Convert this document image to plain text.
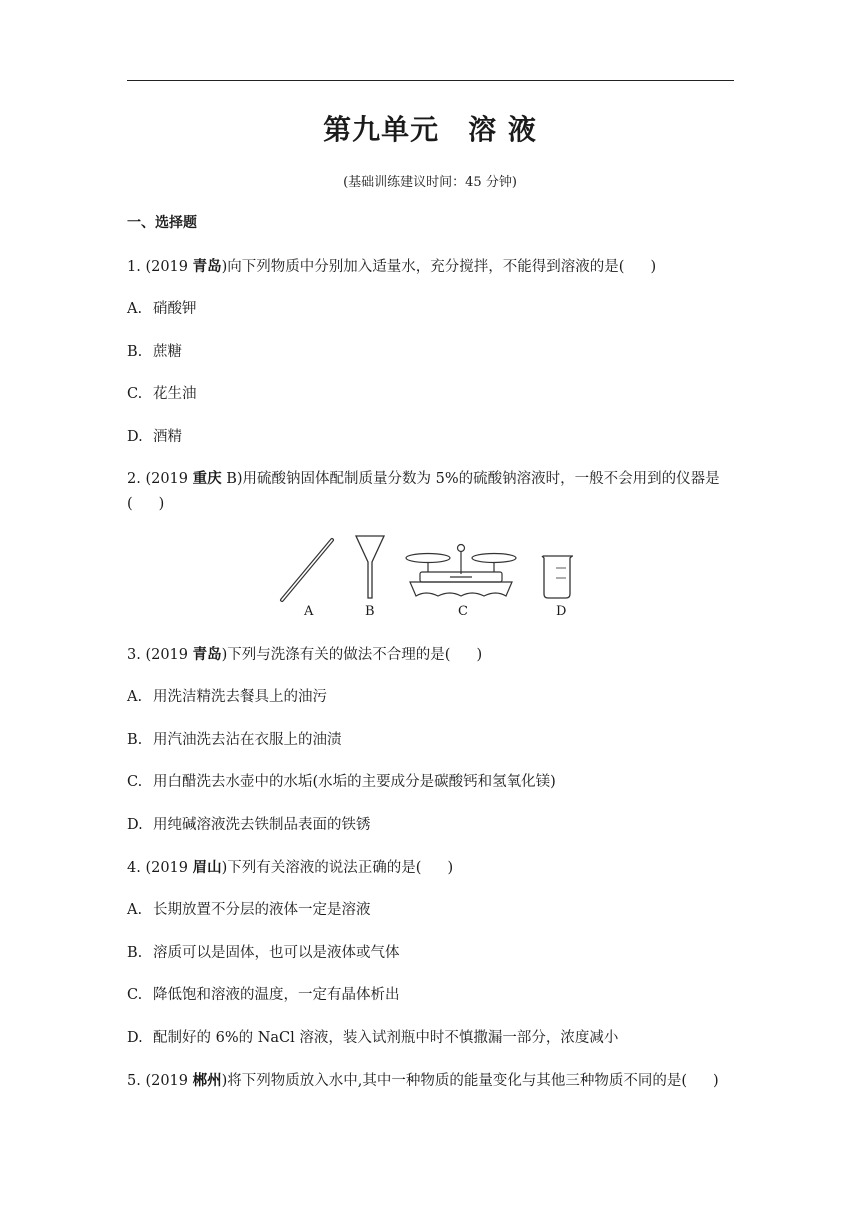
第九单元　溶 液
(基础训练建议时间：45 分钟)
一、选择题
1. (2019 青岛)向下列物质中分别加入适量水，充分搅拌，不能得到溶液的是( )
A. 硝酸钾
B. 蔗糖
C. 花生油
D. 酒精
2. (2019 重庆 B)用硫酸钠固体配制质量分数为 5%的硫酸钠溶液时，一般不会用到的仪器是
( )
A	B	C	D
3. (2019 青岛)下列与洗涤有关的做法不合理的是( )
A. 用洗洁精洗去餐具上的油污
B. 用汽油洗去沾在衣服上的油渍
C. 用白醋洗去水壶中的水垢(水垢的主要成分是碳酸钙和氢氧化镁)
D. 用纯碱溶液洗去铁制品表面的铁锈
4. (2019 眉山)下列有关溶液的说法正确的是( )
A. 长期放置不分层的液体一定是溶液
B. 溶质可以是固体，也可以是液体或气体
C. 降低饱和溶液的温度，一定有晶体析出
D. 配制好的 6%的 NaCl 溶液，装入试剂瓶中时不慎撒漏一部分，浓度减小
5. (2019 郴州)将下列物质放入水中,其中一种物质的能量变化与其他三种物质不同的是( )
